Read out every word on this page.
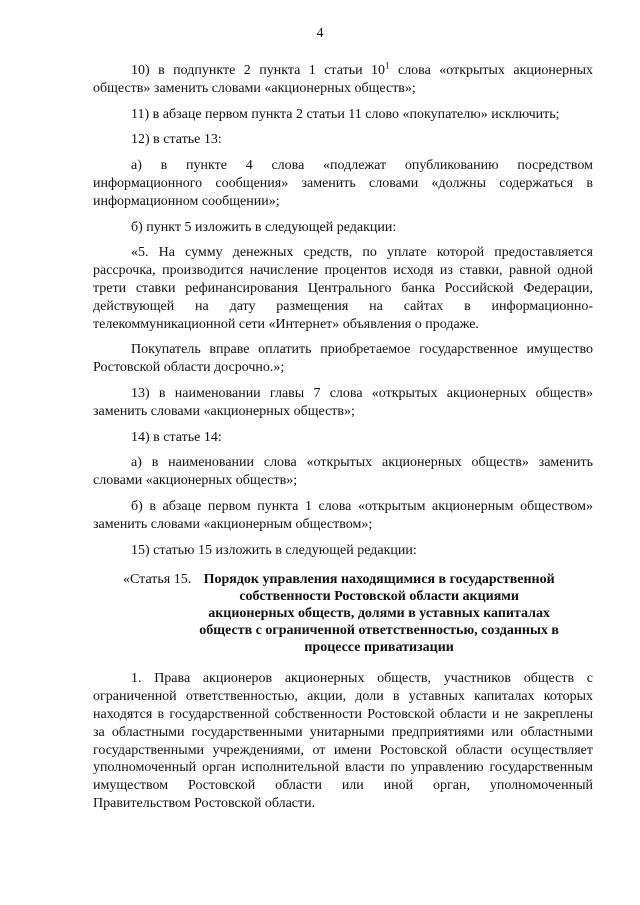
4

10) в подпункте 2 пункта 1 статьи $10^1$ слова «открытых акционерных обществ» заменить словами «акционерных обществ»;

11) в абзаце первом пункта 2 статьи 11 слово «покупателю» исключить;

12) в статье 13:

а) в пункте 4 слова «подлежат опубликованию посредством информационного сообщения» заменить словами «должны содержаться в информационном сообщении»;

б) пункт 5 изложить в следующей редакции:

«5. На сумму денежных средств, по уплате которой предоставляется рассрочка, производится начисление процентов исходя из ставки, равной одной трети ставки рефинансирования Центрального банка Российской Федерации, действующей на дату размещения на сайтах в информационно-телекоммуникационной сети «Интернет» объявления о продаже.

Покупатель вправе оплатить приобретаемое государственное имущество Ростовской области досрочно.»;

13) в наименовании главы 7 слова «открытых акционерных обществ» заменить словами «акционерных обществ»;

14) в статье 14:

а) в наименовании слова «открытых акционерных обществ» заменить словами «акционерных обществ»;

б) в абзаце первом пункта 1 слова «открытым акционерным обществом» заменить словами «акционерным обществом»;

15) статью 15 изложить в следующей редакции:

«Статья 15. Порядок управления находящимися в государственной собственности Ростовской области акциями акционерных обществ, долями в уставных капиталах обществ с ограниченной ответственностью, созданных в процессе приватизации

1. Права акционеров акционерных обществ, участников обществ с ограниченной ответственностью, акции, доли в уставных капиталах которых находятся в государственной собственности Ростовской области и не закреплены за областными государственными унитарными предприятиями или областными государственными учреждениями, от имени Ростовской области осуществляет уполномоченный орган исполнительной власти по управлению государственным имуществом Ростовской области или иной орган, уполномоченный Правительством Ростовской области.
